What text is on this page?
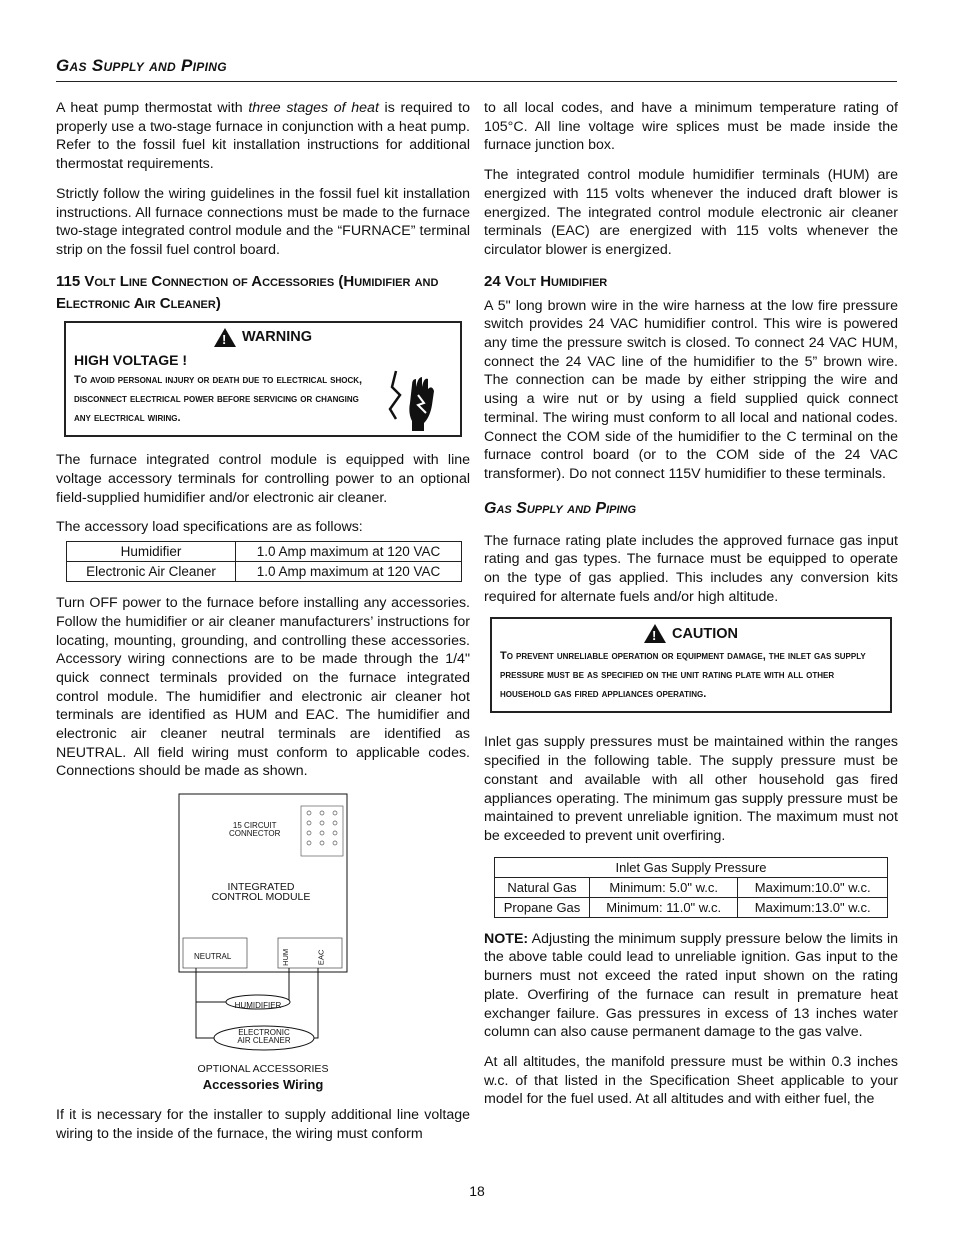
Gas Supply and Piping

A heat pump thermostat with three stages of heat is required to properly use a two-stage furnace in conjunction with a heat pump. Refer to the fossil fuel kit installation instructions for additional thermostat requirements.

Strictly follow the wiring guidelines in the fossil fuel kit installation instructions. All furnace connections must be made to the furnace two-stage integrated control module and the “FURNACE” terminal strip on the fossil fuel control board.

115 Volt Line Connection of Accessories (Humidifier and Electronic Air Cleaner)
! WARNING
HIGH VOLTAGE !
To avoid personal injury or death due to electrical shock, disconnect electrical power before servicing or changing any electrical wiring.

The furnace integrated control module is equipped with line voltage accessory terminals for controlling power to an optional field-supplied humidifier and/or electronic air cleaner.

The accessory load specifications are as follows:

Humidifier	1.0 Amp maximum at 120 VAC
Electronic Air Cleaner	1.0 Amp maximum at 120 VAC

Turn OFF power to the furnace before installing any accessories. Follow the humidifier or air cleaner manufacturers’ instructions for locating, mounting, grounding, and controlling these accessories. Accessory wiring connections are to be made through the 1/4" quick connect terminals provided on the furnace integrated control module. The humidifier and electronic air cleaner hot terminals are identified as HUM and EAC. The humidifier and electronic air cleaner neutral terminals are identified as NEUTRAL. All field wiring must conform to applicable codes. Connections should be made as shown.

15 CIRCUIT
CONNECTOR
INTEGRATED
CONTROL MODULE
NEUTRAL	HUM	EAC
HUMIDIFIER
ELECTRONIC
AIR CLEANER
OPTIONAL ACCESSORIES
Accessories Wiring

If it is necessary for the installer to supply additional line voltage wiring to the inside of the furnace, the wiring must conform

to all local codes, and have a minimum temperature rating of 105°C. All line voltage wire splices must be made inside the furnace junction box.

The integrated control module humidifier terminals (HUM) are energized with 115 volts whenever the induced draft blower is energized. The integrated control module electronic air cleaner terminals (EAC) are energized with 115 volts whenever the circulator blower is energized.

24 Volt Humidifier

A 5" long brown wire in the wire harness at the low fire pressure switch provides 24 VAC humidifier control. This wire is powered any time the pressure switch is closed. To connect 24 VAC HUM, connect the 24 VAC line of the humidifier to the 5” brown wire. The connection can be made by either stripping the wire and using a wire nut or by using a field supplied quick connect terminal. The wiring must conform to all local and national codes. Connect the COM side of the humidifier to the C terminal on the furnace control board (or to the COM side of the 24 VAC transformer). Do not connect 115V humidifier to these terminals.

Gas Supply and Piping

The furnace rating plate includes the approved furnace gas input rating and gas types. The furnace must be equipped to operate on the type of gas applied. This includes any conversion kits required for alternate fuels and/or high altitude.

! CAUTION
To prevent unreliable operation or equipment damage, the inlet gas supply pressure must be as specified on the unit rating plate with all other household gas fired appliances operating.

Inlet gas supply pressures must be maintained within the ranges specified in the following table. The supply pressure must be constant and available with all other household gas fired appliances operating. The minimum gas supply pressure must be maintained to prevent unreliable ignition. The maximum must not be exceeded to prevent unit overfiring.

Inlet Gas Supply Pressure		
Natural Gas	Minimum: 5.0" w.c.	Maximum:10.0" w.c.
Propane Gas	Minimum: 11.0" w.c.	Maximum:13.0" w.c.

NOTE: Adjusting the minimum supply pressure below the limits in the above table could lead to unreliable ignition. Gas input to the burners must not exceed the rated input shown on the rating plate. Overfiring of the furnace can result in premature heat exchanger failure. Gas pressures in excess of 13 inches water column can also cause permanent damage to the gas valve.

At all altitudes, the manifold pressure must be within 0.3 inches w.c. of that listed in the Specification Sheet applicable to your model for the fuel used. At all altitudes and with either fuel, the

18
